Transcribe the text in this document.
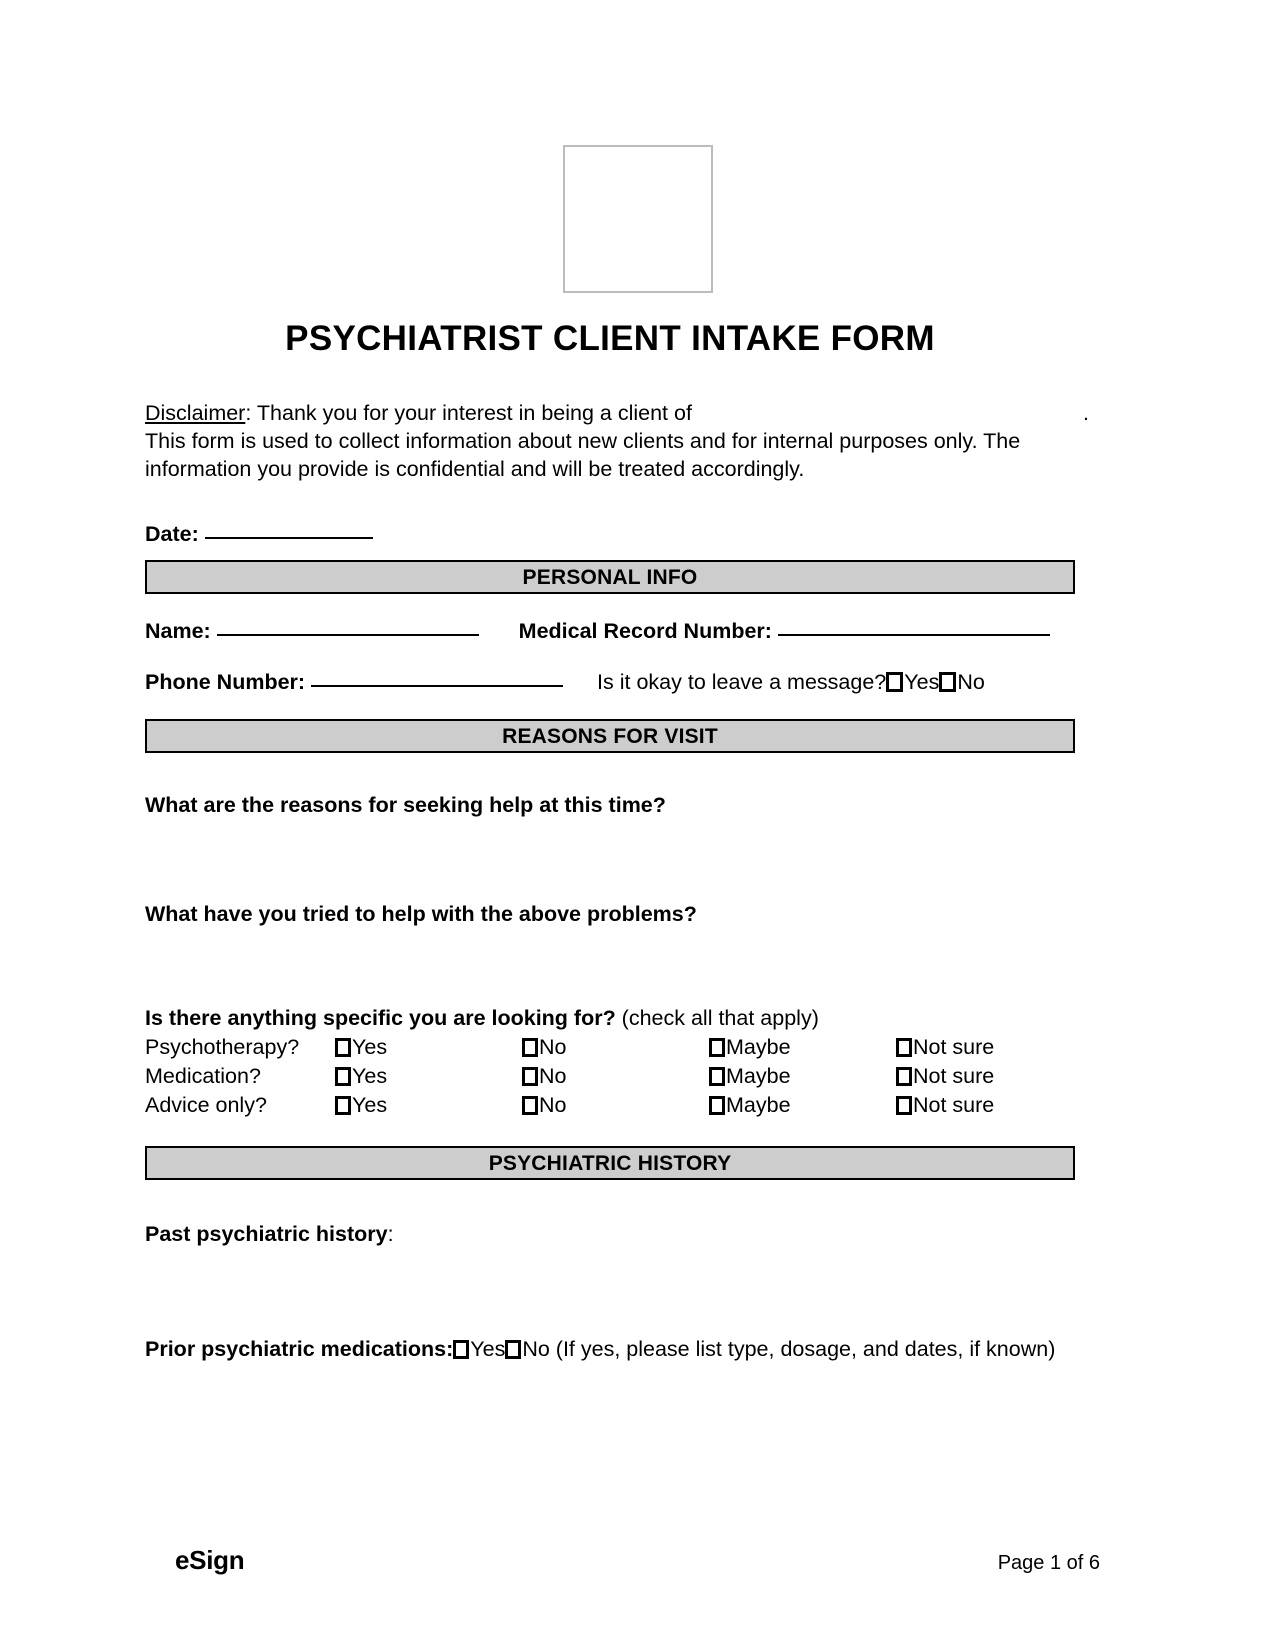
PSYCHIATRIST CLIENT INTAKE FORM
.
Disclaimer: Thank you for your interest in being a client of
This form is used to collect information about new clients and for internal purposes only. The
information you provide is confidential and will be treated accordingly.
Date:
PERSONAL INFO
Name:	Medical Record Number:
Phone Number:	Is it okay to leave a message? Yes No
REASONS FOR VISIT
What are the reasons for seeking help at this time?
What have you tried to help with the above problems?
Is there anything specific you are looking for? (check all that apply)
Psychotherapy?	Yes	No	Maybe	Not sure
Medication?	Yes	No	Maybe	Not sure
Advice only?	Yes	No	Maybe	Not sure
PSYCHIATRIC HISTORY
Past psychiatric history:
Prior psychiatric medications: Yes No (If yes, please list type, dosage, and dates, if known)
eSign	Page 1 of 6
